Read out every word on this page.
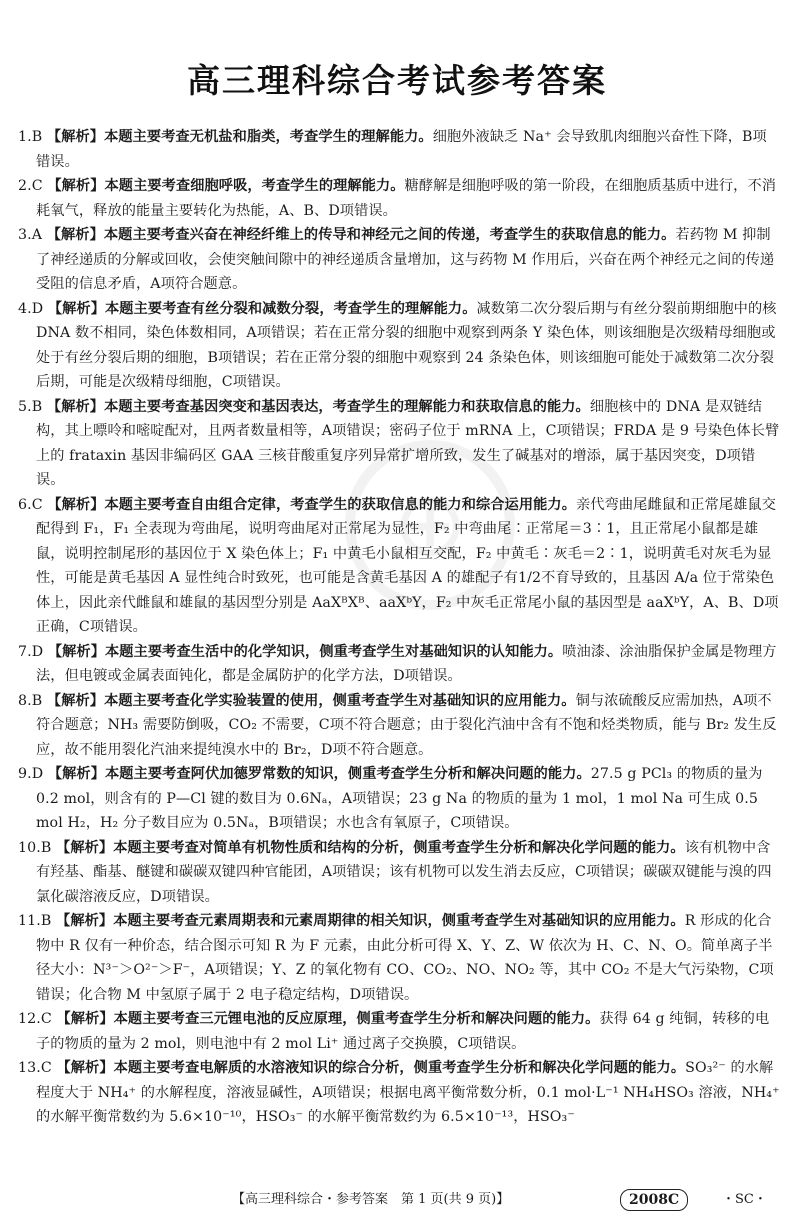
⊕
高三理科综合考试参考答案

1.B 【解析】本题主要考查无机盐和脂类，考查学生的理解能力。细胞外液缺乏 Na⁺ 会导致肌肉细胞兴奋性下降，B项错误。

2.C 【解析】本题主要考查细胞呼吸，考查学生的理解能力。糖酵解是细胞呼吸的第一阶段，在细胞质基质中进行，不消耗氧气，释放的能量主要转化为热能，A、B、D项错误。

3.A 【解析】本题主要考查兴奋在神经纤维上的传导和神经元之间的传递，考查学生的获取信息的能力。若药物 M 抑制了神经递质的分解或回收，会使突触间隙中的神经递质含量增加，这与药物 M 作用后，兴奋在两个神经元之间的传递受阻的信息矛盾，A项符合题意。

4.D 【解析】本题主要考查有丝分裂和减数分裂，考查学生的理解能力。减数第二次分裂后期与有丝分裂前期细胞中的核 DNA 数不相同，染色体数相同，A项错误；若在正常分裂的细胞中观察到两条 Y 染色体，则该细胞是次级精母细胞或处于有丝分裂后期的细胞，B项错误；若在正常分裂的细胞中观察到 24 条染色体，则该细胞可能处于减数第二次分裂后期，可能是次级精母细胞，C项错误。

5.B 【解析】本题主要考查基因突变和基因表达，考查学生的理解能力和获取信息的能力。细胞核中的 DNA 是双链结构，其上嘌呤和嘧啶配对，且两者数量相等，A项错误；密码子位于 mRNA 上，C项错误；FRDA 是 9 号染色体长臂上的 frataxin 基因非编码区 GAA 三核苷酸重复序列异常扩增所致，发生了碱基对的增添，属于基因突变，D项错误。

6.C 【解析】本题主要考查自由组合定律，考查学生的获取信息的能力和综合运用能力。亲代弯曲尾雌鼠和正常尾雄鼠交配得到 F₁，F₁ 全表现为弯曲尾，说明弯曲尾对正常尾为显性，F₂ 中弯曲尾∶正常尾＝3∶1，且正常尾小鼠都是雄鼠，说明控制尾形的基因位于 X 染色体上；F₁ 中黄毛小鼠相互交配，F₂ 中黄毛∶灰毛＝2∶1，说明黄毛对灰毛为显性，可能是黄毛基因 A 显性纯合时致死，也可能是含黄毛基因 A 的雄配子有1/2不育导致的，且基因 A/a 位于常染色体上，因此亲代雌鼠和雄鼠的基因型分别是 AaXᴮXᴮ、aaXᵇY，F₂ 中灰毛正常尾小鼠的基因型是 aaXᵇY，A、B、D项正确，C项错误。

7.D 【解析】本题主要考查生活中的化学知识，侧重考查学生对基础知识的认知能力。喷油漆、涂油脂保护金属是物理方法，但电镀或金属表面钝化，都是金属防护的化学方法，D项错误。

8.B 【解析】本题主要考查化学实验装置的使用，侧重考查学生对基础知识的应用能力。铜与浓硫酸反应需加热，A项不符合题意；NH₃ 需要防倒吸，CO₂ 不需要，C项不符合题意；由于裂化汽油中含有不饱和烃类物质，能与 Br₂ 发生反应，故不能用裂化汽油来提纯溴水中的 Br₂，D项不符合题意。

9.D 【解析】本题主要考查阿伏加德罗常数的知识，侧重考查学生分析和解决问题的能力。27.5 g PCl₃ 的物质的量为 0.2 mol，则含有的 P—Cl 键的数目为 0.6Nₐ，A项错误；23 g Na 的物质的量为 1 mol，1 mol Na 可生成 0.5 mol H₂，H₂ 分子数目应为 0.5Nₐ，B项错误；水也含有氧原子，C项错误。

10.B 【解析】本题主要考查对简单有机物性质和结构的分析，侧重考查学生分析和解决化学问题的能力。该有机物中含有羟基、酯基、醚键和碳碳双键四种官能团，A项错误；该有机物可以发生消去反应，C项错误；碳碳双键能与溴的四氯化碳溶液反应，D项错误。

11.B 【解析】本题主要考查元素周期表和元素周期律的相关知识，侧重考查学生对基础知识的应用能力。R 形成的化合物中 R 仅有一种价态，结合图示可知 R 为 F 元素，由此分析可得 X、Y、Z、W 依次为 H、C、N、O。简单离子半径大小：N³⁻＞O²⁻＞F⁻，A项错误；Y、Z 的氧化物有 CO、CO₂、NO、NO₂ 等，其中 CO₂ 不是大气污染物，C项错误；化合物 M 中氢原子属于 2 电子稳定结构，D项错误。

12.C 【解析】本题主要考查三元锂电池的反应原理，侧重考查学生分析和解决问题的能力。获得 64 g 纯铜，转移的电子的物质的量为 2 mol，则电池中有 2 mol Li⁺ 通过离子交换膜，C项错误。

13.C 【解析】本题主要考查电解质的水溶液知识的综合分析，侧重考查学生分析和解决化学问题的能力。SO₃²⁻ 的水解程度大于 NH₄⁺ 的水解程度，溶液显碱性，A项错误；根据电离平衡常数分析，0.1 mol·L⁻¹ NH₄HSO₃ 溶液，NH₄⁺ 的水解平衡常数约为 5.6×10⁻¹⁰，HSO₃⁻ 的水解平衡常数约为 6.5×10⁻¹³，HSO₃⁻

【高三理科综合・参考答案　第 1 页(共 9 页)】	2008C	・SC・
